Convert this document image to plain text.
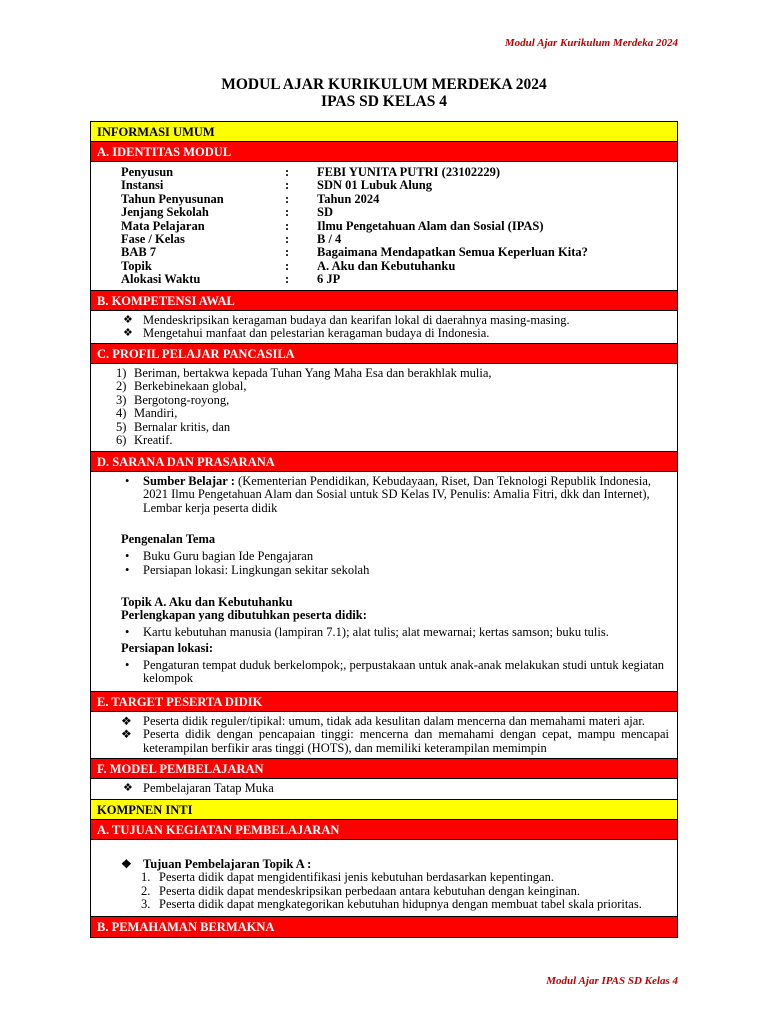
Modul Ajar Kurikulum Merdeka 2024
MODUL AJAR KURIKULUM MERDEKA 2024
IPAS SD KELAS 4
INFORMASI UMUM
A. IDENTITAS MODUL
Penyusun	:	FEBI YUNITA PUTRI (23102229)
Instansi	:	SDN 01 Lubuk Alung
Tahun Penyusunan	:	Tahun 2024
Jenjang Sekolah	:	SD
Mata Pelajaran	:	Ilmu Pengetahuan Alam dan Sosial (IPAS)
Fase / Kelas	:	B / 4
BAB 7	:	Bagaimana Mendapatkan Semua Keperluan Kita?
Topik	:	A. Aku dan Kebutuhanku
Alokasi Waktu	:	6 JP
B. KOMPETENSI AWAL
❖ Mendeskripsikan keragaman budaya dan kearifan lokal di daerahnya masing-masing.
❖ Mengetahui manfaat dan pelestarian keragaman budaya di Indonesia.
C. PROFIL PELAJAR PANCASILA
1) Beriman, bertakwa kepada Tuhan Yang Maha Esa dan berakhlak mulia,
2) Berkebinekaan global,
3) Bergotong-royong,
4) Mandiri,
5) Bernalar kritis, dan
6) Kreatif.
D. SARANA DAN PRASARANA
• Sumber Belajar : (Kementerian Pendidikan, Kebudayaan, Riset, Dan Teknologi Republik Indonesia, 2021 Ilmu Pengetahuan Alam dan Sosial untuk SD Kelas IV, Penulis: Amalia Fitri, dkk dan Internet), Lembar kerja peserta didik
Pengenalan Tema
• Buku Guru bagian Ide Pengajaran
• Persiapan lokasi: Lingkungan sekitar sekolah
Topik A. Aku dan Kebutuhanku
Perlengkapan yang dibutuhkan peserta didik:
• Kartu kebutuhan manusia (lampiran 7.1); alat tulis; alat mewarnai; kertas samson; buku tulis.
Persiapan lokasi:
• Pengaturan tempat duduk berkelompok;, perpustakaan untuk anak-anak melakukan studi untuk kegiatan kelompok
E. TARGET PESERTA DIDIK
❖ Peserta didik reguler/tipikal: umum, tidak ada kesulitan dalam mencerna dan memahami materi ajar.
❖ Peserta didik dengan pencapaian tinggi: mencerna dan memahami dengan cepat, mampu mencapai keterampilan berfikir aras tinggi (HOTS), dan memiliki keterampilan memimpin
F. MODEL PEMBELAJARAN
❖ Pembelajaran Tatap Muka
KOMPNEN INTI
A. TUJUAN KEGIATAN PEMBELAJARAN
❖ Tujuan Pembelajaran Topik A :
1. Peserta didik dapat mengidentifikasi jenis kebutuhan berdasarkan kepentingan.
2. Peserta didik dapat mendeskripsikan perbedaan antara kebutuhan dengan keinginan.
3. Peserta didik dapat mengkategorikan kebutuhan hidupnya dengan membuat tabel skala prioritas.
B. PEMAHAMAN BERMAKNA
Modul Ajar IPAS SD Kelas 4
